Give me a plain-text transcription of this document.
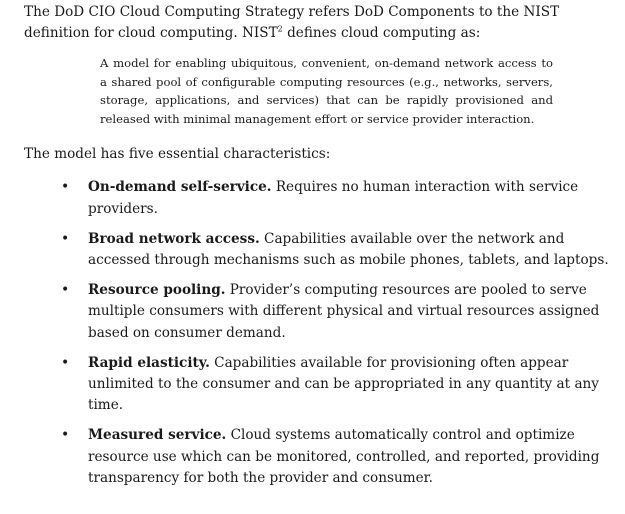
The DoD CIO Cloud Computing Strategy refers DoD Components to the NIST definition for cloud computing. NIST$^2$ defines cloud computing as:

A model for enabling ubiquitous, convenient, on-demand network access to a shared pool of configurable computing resources (e.g., networks, servers, storage, applications, and services) that can be rapidly provisioned and released with minimal management effort or service provider interaction.

The model has five essential characteristics:

• On-demand self-service. Requires no human interaction with service providers.
• Broad network access. Capabilities available over the network and accessed through mechanisms such as mobile phones, tablets, and laptops.
• Resource pooling. Provider’s computing resources are pooled to serve multiple consumers with different physical and virtual resources assigned based on consumer demand.
• Rapid elasticity. Capabilities available for provisioning often appear unlimited to the consumer and can be appropriated in any quantity at any time.
• Measured service. Cloud systems automatically control and optimize resource use which can be monitored, controlled, and reported, providing transparency for both the provider and consumer.
